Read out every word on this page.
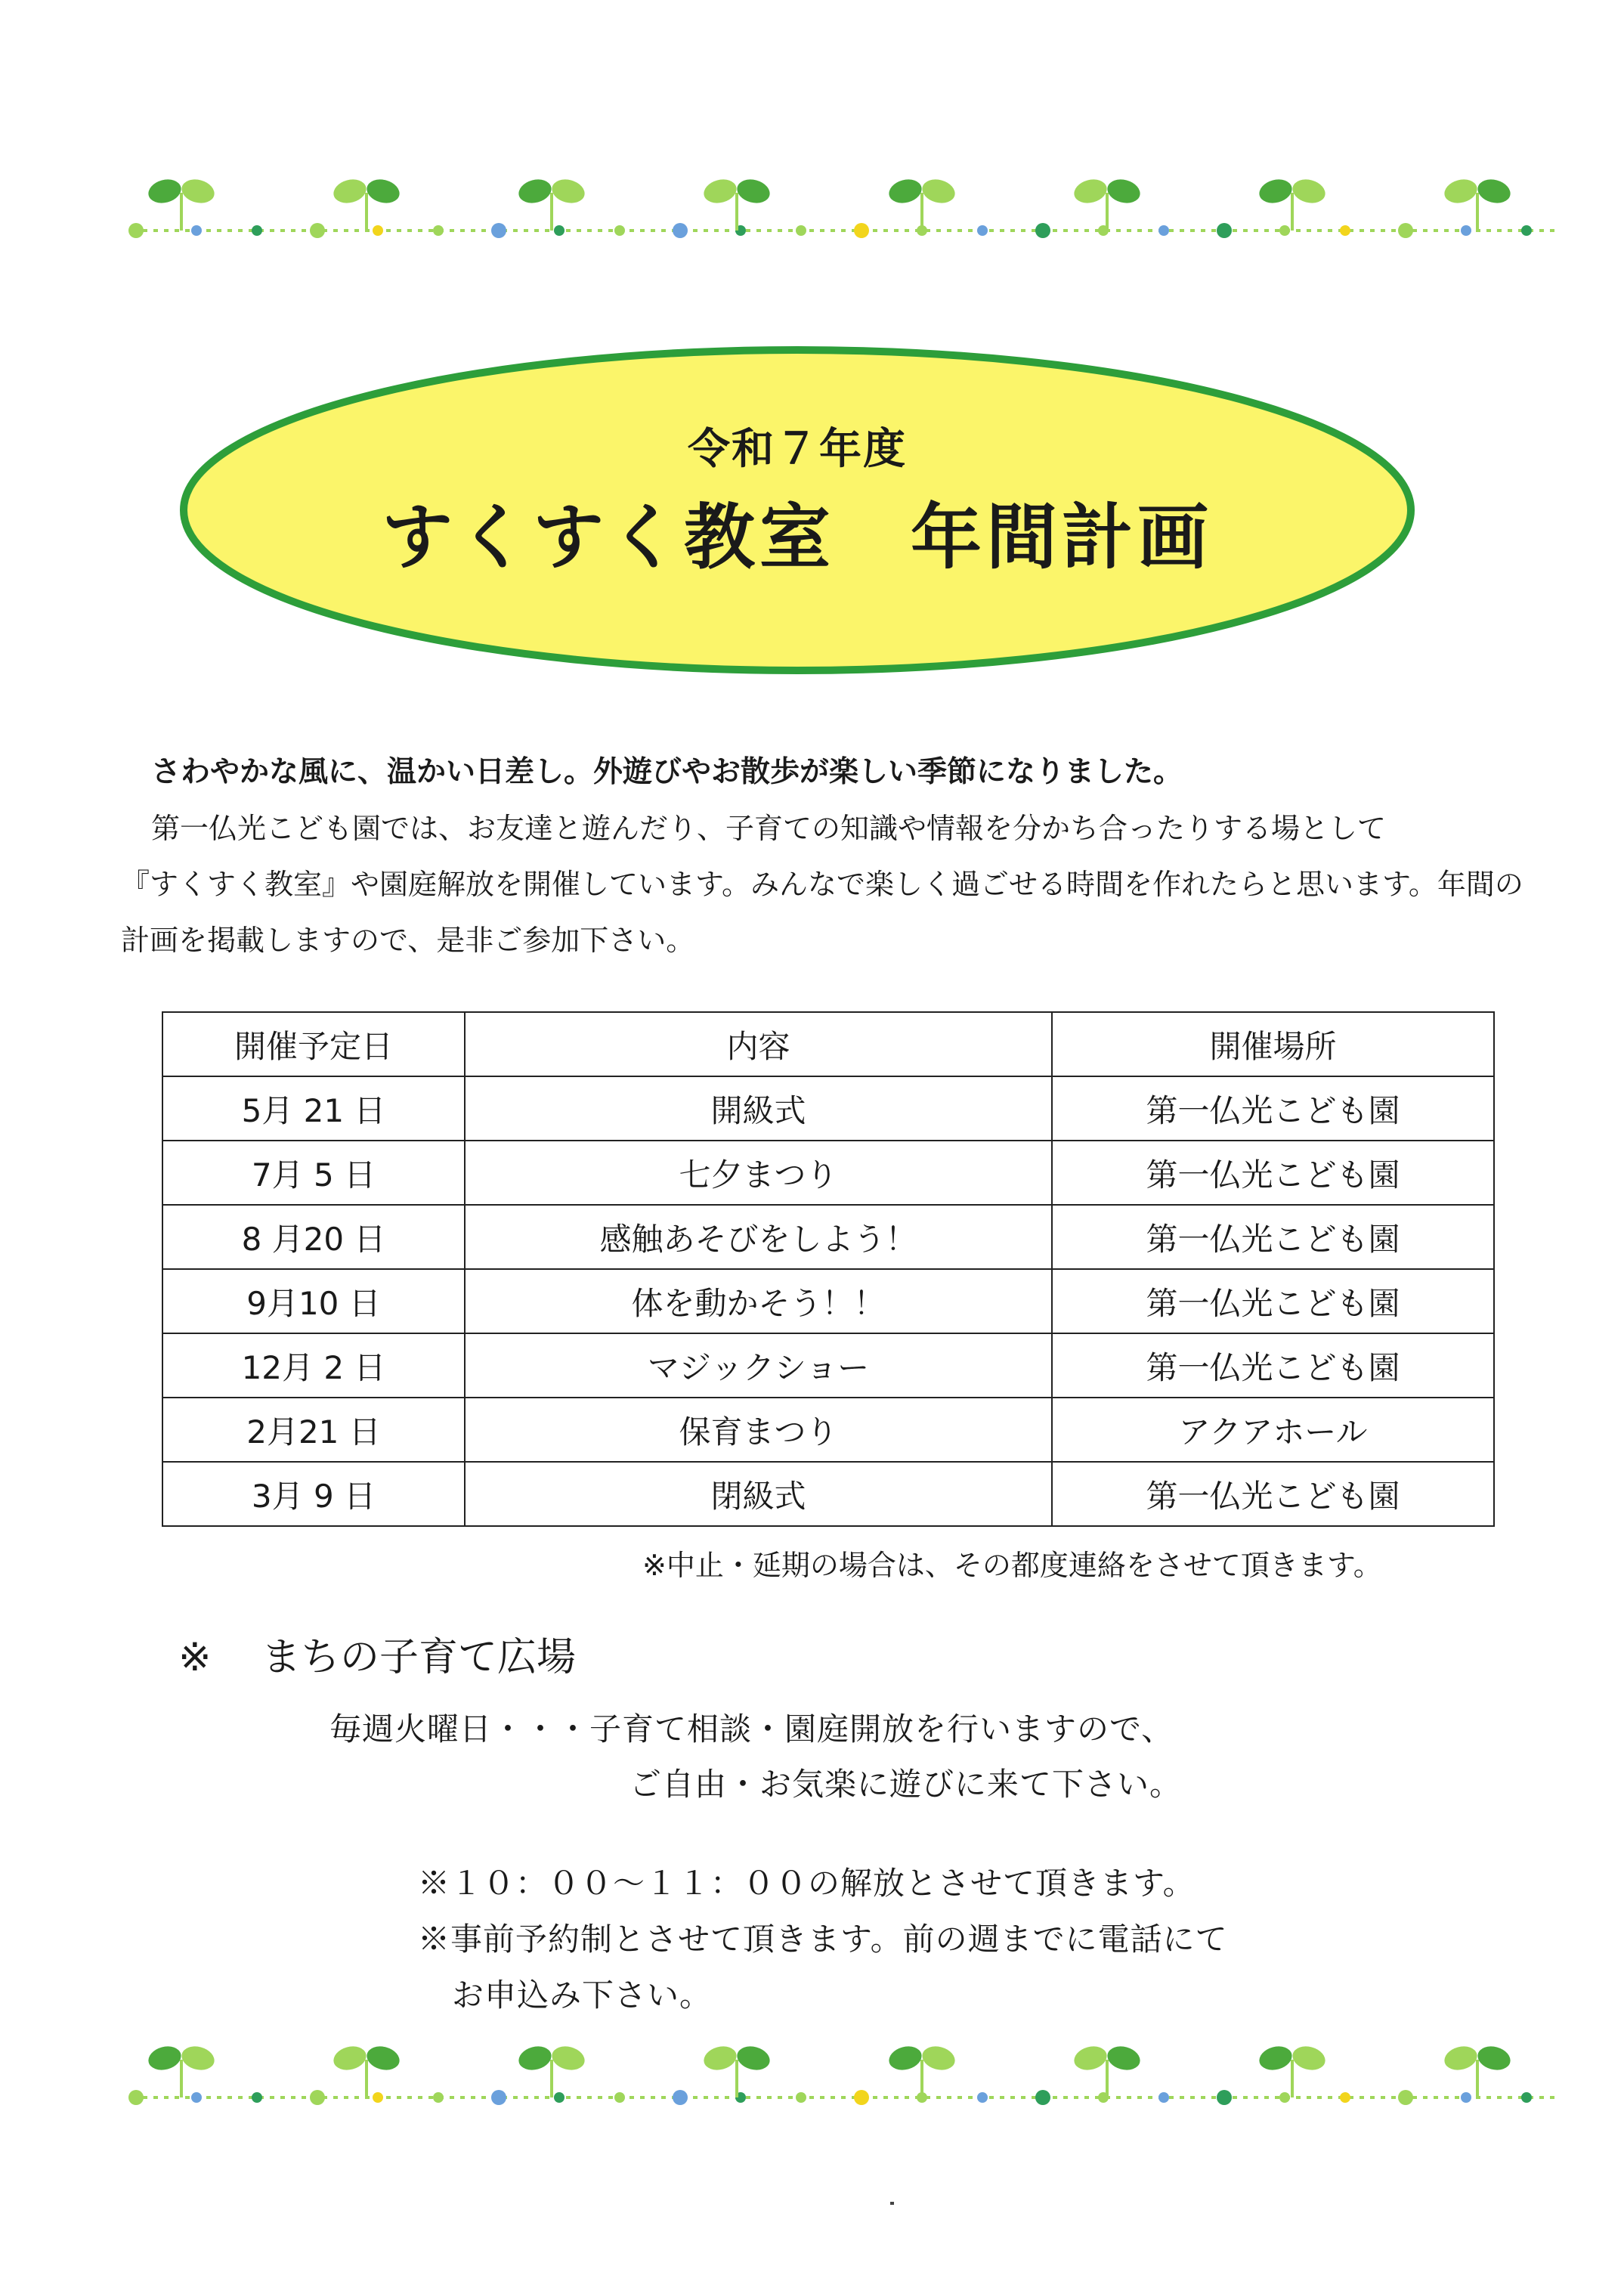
令和７年度
すくすく教室　年間計画

さわやかな風に、温かい日差し。外遊びやお散歩が楽しい季節になりました。

第一仏光こども園では、お友達と遊んだり、子育ての知識や情報を分かち合ったりする場として

『すくすく教室』や園庭解放を開催しています。みんなで楽しく過ごせる時間を作れたらと思います。年間の

計画を掲載しますので、是非ご参加下さい。

開催予定日	内容	開催場所
5月 21 日	開級式	第一仏光こども園
7月 5 日	七夕まつり	第一仏光こども園
8 月20 日	感触あそびをしよう！	第一仏光こども園
9月10 日	体を動かそう！！	第一仏光こども園
12月 2 日	マジックショー	第一仏光こども園
2月21 日	保育まつり	アクアホール
3月 9 日	閉級式	第一仏光こども園
※中止・延期の場合は、その都度連絡をさせて頂きます。
※ まちの子育て広場
毎週火曜日・・・子育て相談・園庭開放を行いますので、
ご自由・お気楽に遊びに来て下さい。

※１０：００～１１：００の解放とさせて頂きます。

※事前予約制とさせて頂きます。前の週までに電話にて

お申込み下さい。
